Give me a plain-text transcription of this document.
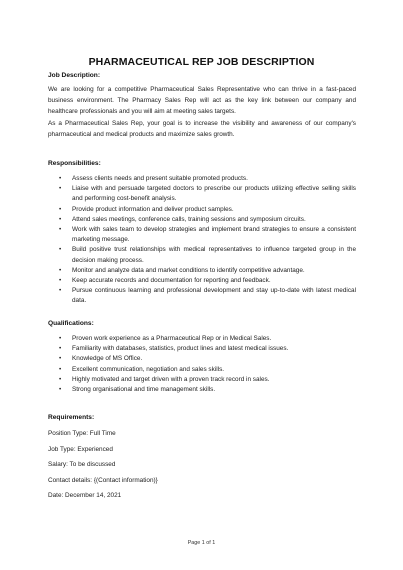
PHARMACEUTICAL REP JOB DESCRIPTION
Job Description:
We are looking for a competitive Pharmaceutical Sales Representative who can thrive in a fast-paced business environment. The Pharmacy Sales Rep will act as the key link between our company and healthcare professionals and you will aim at meeting sales targets.
As a Pharmaceutical Sales Rep, your goal is to increase the visibility and awareness of our company's pharmaceutical and medical products and maximize sales growth.
Responsibilities:
• Assess clients needs and present suitable promoted products.
• Liaise with and persuade targeted doctors to prescribe our products utilizing effective selling skills and performing cost-benefit analysis.
• Provide product information and deliver product samples.
• Attend sales meetings, conference calls, training sessions and symposium circuits.
• Work with sales team to develop strategies and implement brand strategies to ensure a consistent marketing message.
• Build positive trust relationships with medical representatives to influence targeted group in the decision making process.
• Monitor and analyze data and market conditions to identify competitive advantage.
• Keep accurate records and documentation for reporting and feedback.
• Pursue continuous learning and professional development and stay up-to-date with latest medical data.
Qualifications:
• Proven work experience as a Pharmaceutical Rep or in Medical Sales.
• Familiarity with databases, statistics, product lines and latest medical issues.
• Knowledge of MS Office.
• Excellent communication, negotiation and sales skills.
• Highly motivated and target driven with a proven track record in sales.
• Strong organisational and time management skills.
Requirements:
Position Type: Full Time
Job Type: Experienced
Salary: To be discussed
Contact details: {(Contact information)}
Date: December 14, 2021
Page 1 of 1
